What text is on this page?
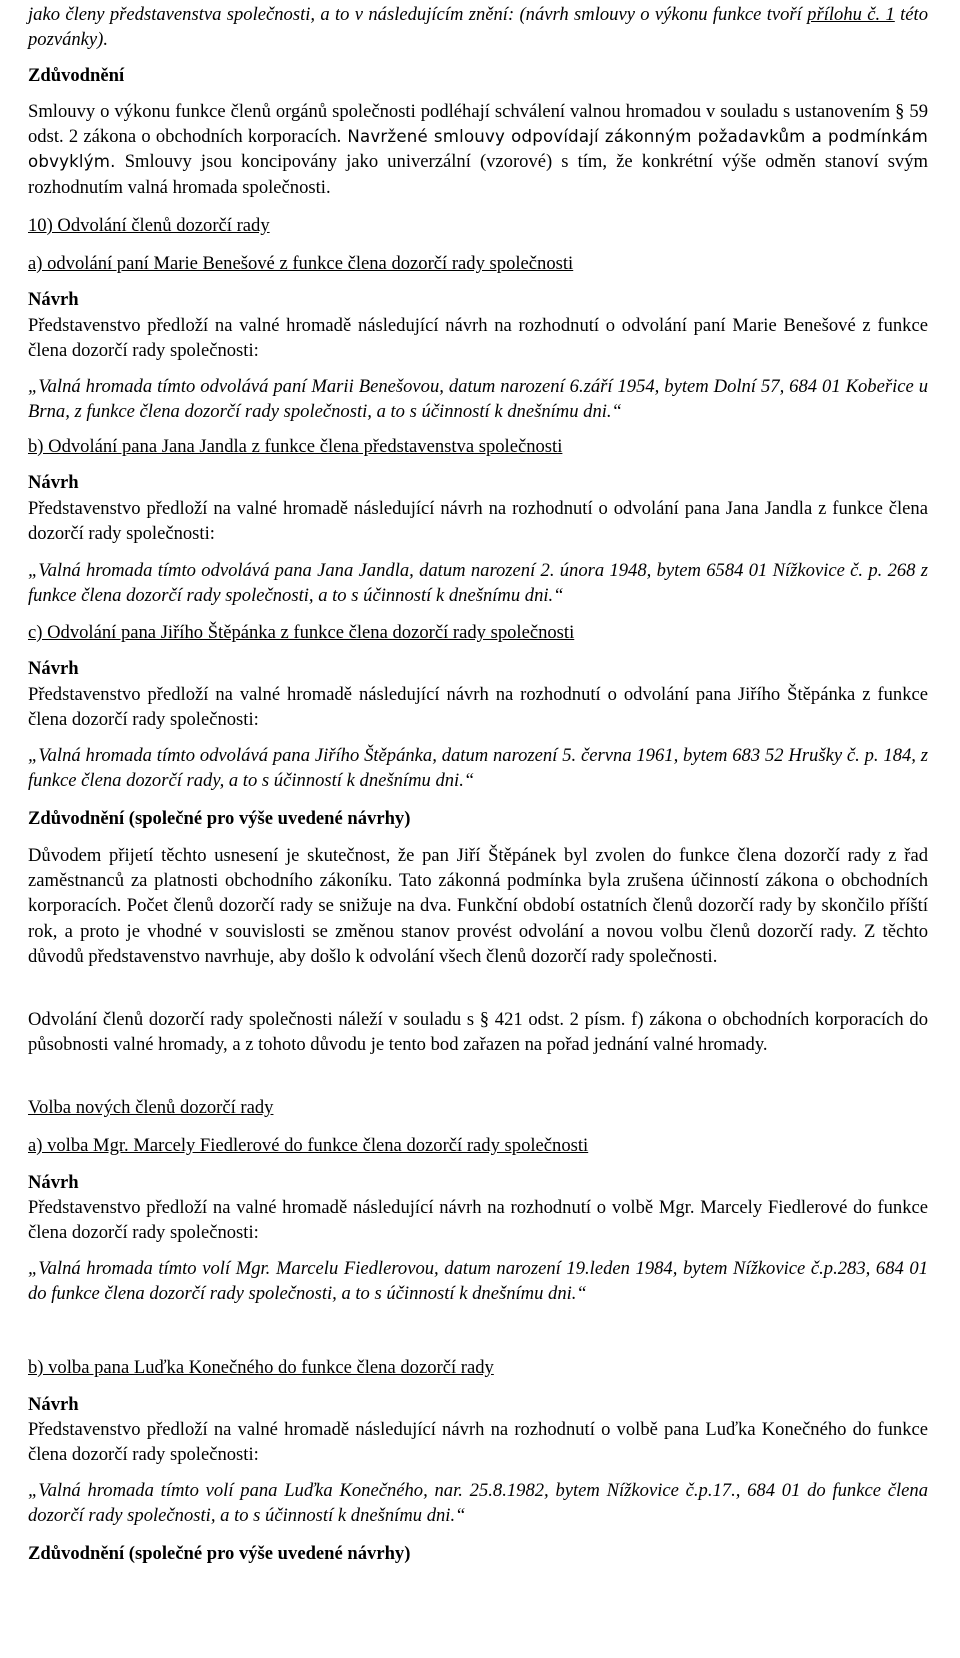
jako členy představenstva společnosti, a to v následujícím znění: (návrh smlouvy o výkonu funkce tvoří přílohu č. 1 této pozvánky).

Zdůvodnění

Smlouvy o výkonu funkce členů orgánů společnosti podléhají schválení valnou hromadou v souladu s ustanovením § 59 odst. 2 zákona o obchodních korporacích. Navržené smlouvy odpovídají zákonným požadavkům a podmínkám obvyklým. Smlouvy jsou koncipovány jako univerzální (vzorové) s tím, že konkrétní výše odměn stanoví svým rozhodnutím valná hromada společnosti.

10) Odvolání členů dozorčí rady

a) odvolání paní Marie Benešové z funkce člena dozorčí rady společnosti

Návrh

Představenstvo předloží na valné hromadě následující návrh na rozhodnutí o odvolání paní Marie Benešové z funkce člena dozorčí rady společnosti:

„Valná hromada tímto odvolává paní Marii Benešovou, datum narození 6.září 1954, bytem Dolní 57, 684 01 Kobeřice u Brna, z funkce člena dozorčí rady společnosti, a to s účinností k dnešnímu dni.“

b) Odvolání pana Jana Jandla z funkce člena představenstva společnosti

Návrh

Představenstvo předloží na valné hromadě následující návrh na rozhodnutí o odvolání pana Jana Jandla z funkce člena dozorčí rady společnosti:

„Valná hromada tímto odvolává pana Jana Jandla, datum narození 2. února 1948, bytem 6584 01 Nížkovice č. p. 268 z funkce člena dozorčí rady společnosti, a to s účinností k dnešnímu dni.“

c) Odvolání pana Jiřího Štěpánka z funkce člena dozorčí rady společnosti

Návrh

Představenstvo předloží na valné hromadě následující návrh na rozhodnutí o odvolání pana Jiřího Štěpánka z funkce člena dozorčí rady společnosti:

„Valná hromada tímto odvolává pana Jiřího Štěpánka, datum narození 5. června 1961, bytem 683 52 Hrušky č. p. 184, z funkce člena dozorčí rady, a to s účinností k dnešnímu dni.“

Zdůvodnění (společné pro výše uvedené návrhy)

Důvodem přijetí těchto usnesení je skutečnost, že pan Jiří Štěpánek byl zvolen do funkce člena dozorčí rady z řad zaměstnanců za platnosti obchodního zákoníku. Tato zákonná podmínka byla zrušena účinností zákona o obchodních korporacích. Počet členů dozorčí rady se snižuje na dva. Funkční období ostatních členů dozorčí rady by skončilo příští rok, a proto je vhodné v souvislosti se změnou stanov provést odvolání a novou volbu členů dozorčí rady. Z těchto důvodů představenstvo navrhuje, aby došlo k odvolání všech členů dozorčí rady společnosti.

Odvolání členů dozorčí rady společnosti náleží v souladu s § 421 odst. 2 písm. f) zákona o obchodních korporacích do působnosti valné hromady, a z tohoto důvodu je tento bod zařazen na pořad jednání valné hromady.

Volba nových členů dozorčí rady

a) volba Mgr. Marcely Fiedlerové do funkce člena dozorčí rady společnosti

Návrh

Představenstvo předloží na valné hromadě následující návrh na rozhodnutí o volbě Mgr. Marcely Fiedlerové do funkce člena dozorčí rady společnosti:

„Valná hromada tímto volí Mgr. Marcelu Fiedlerovou, datum narození 19.leden 1984, bytem Nížkovice č.p.283, 684 01 do funkce člena dozorčí rady společnosti, a to s účinností k dnešnímu dni.“

b) volba pana Luďka Konečného do funkce člena dozorčí rady

Návrh

Představenstvo předloží na valné hromadě následující návrh na rozhodnutí o volbě pana Luďka Konečného do funkce člena dozorčí rady společnosti:

„Valná hromada tímto volí pana Luďka Konečného, nar. 25.8.1982, bytem Nížkovice č.p.17., 684 01 do funkce člena dozorčí rady společnosti, a to s účinností k dnešnímu dni.“

Zdůvodnění (společné pro výše uvedené návrhy)
